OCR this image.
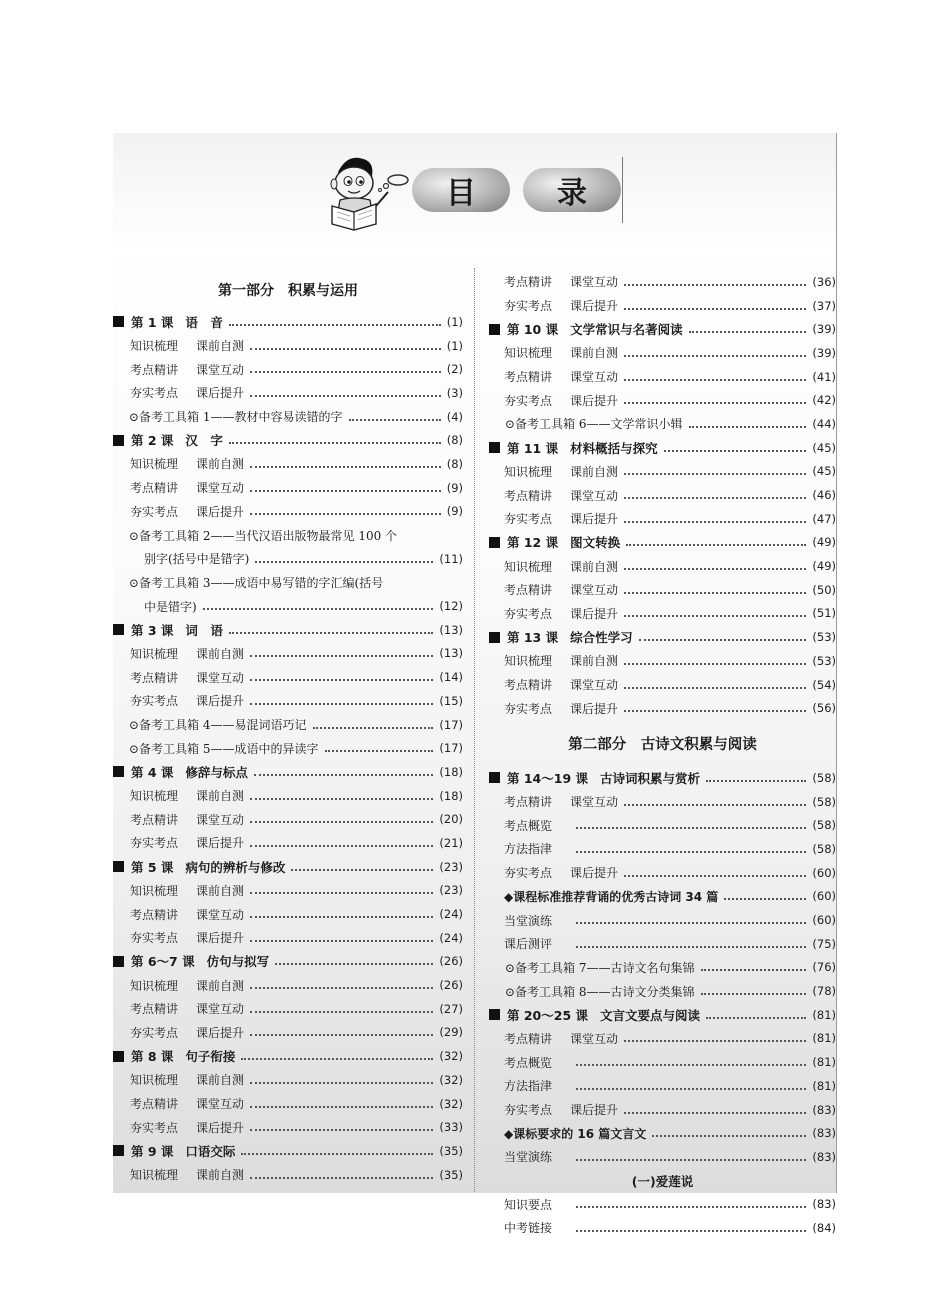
目	录
第一部分　积累与运用
第 1 课 语　音	(1)
知识梳理	课前自测	(1)
考点精讲	课堂互动	(2)
夯实考点	课后提升	(3)
⊙备考工具箱 1 ——教材中容易读错的字	(4)
第 2 课 汉　字	(8)
知识梳理	课前自测	(8)
考点精讲	课堂互动	(9)
夯实考点	课后提升	(9)
⊙备考工具箱 2 ——当代汉语出版物最常见 100 个
别字(括号中是错字)	(11)
⊙备考工具箱 3 ——成语中易写错的字汇编(括号
中是错字)	(12)
第 3 课 词　语	(13)
知识梳理	课前自测	(13)
考点精讲	课堂互动	(14)
夯实考点	课后提升	(15)
⊙备考工具箱 4 ——易混词语巧记	(17)
⊙备考工具箱 5 ——成语中的异读字	(17)
第 4 课 修辞与标点	(18)
知识梳理	课前自测	(18)
考点精讲	课堂互动	(20)
夯实考点	课后提升	(21)
第 5 课 病句的辨析与修改	(23)
知识梳理	课前自测	(23)
考点精讲	课堂互动	(24)
夯实考点	课后提升	(24)
第 6～7 课 仿句与拟写	(26)
知识梳理	课前自测	(26)
考点精讲	课堂互动	(27)
夯实考点	课后提升	(29)
第 8 课 句子衔接	(32)
知识梳理	课前自测	(32)
考点精讲	课堂互动	(32)
夯实考点	课后提升	(33)
第 9 课 口语交际	(35)
知识梳理	课前自测	(35)
考点精讲	课堂互动	(36)
夯实考点	课后提升	(37)
第 10 课 文学常识与名著阅读	(39)
知识梳理	课前自测	(39)
考点精讲	课堂互动	(41)
夯实考点	课后提升	(42)
⊙备考工具箱 6 ——文学常识小辑	(44)
第 11 课 材料概括与探究	(45)
知识梳理	课前自测	(45)
考点精讲	课堂互动	(46)
夯实考点	课后提升	(47)
第 12 课 图文转换	(49)
知识梳理	课前自测	(49)
考点精讲	课堂互动	(50)
夯实考点	课后提升	(51)
第 13 课 综合性学习	(53)
知识梳理	课前自测	(53)
考点精讲	课堂互动	(54)
夯实考点	课后提升	(56)
第二部分　古诗文积累与阅读
第 14～19 课 古诗词积累与赏析	(58)
考点精讲	课堂互动	(58)
考点概览	(58)
方法指津	(58)
夯实考点	课后提升	(60)
◆课程标准推荐背诵的优秀古诗词 34 篇	(60)
当堂演练	(60)
课后测评	(75)
⊙备考工具箱 7 ——古诗文名句集锦	(76)
⊙备考工具箱 8 ——古诗文分类集锦	(78)
第 20～25 课 文言文要点与阅读	(81)
考点精讲	课堂互动	(81)
考点概览	(81)
方法指津	(81)
夯实考点	课后提升	(83)
◆课标要求的 16 篇文言文	(83)
当堂演练	(83)
(一)爱莲说
知识要点	(83)
中考链接	(84)
